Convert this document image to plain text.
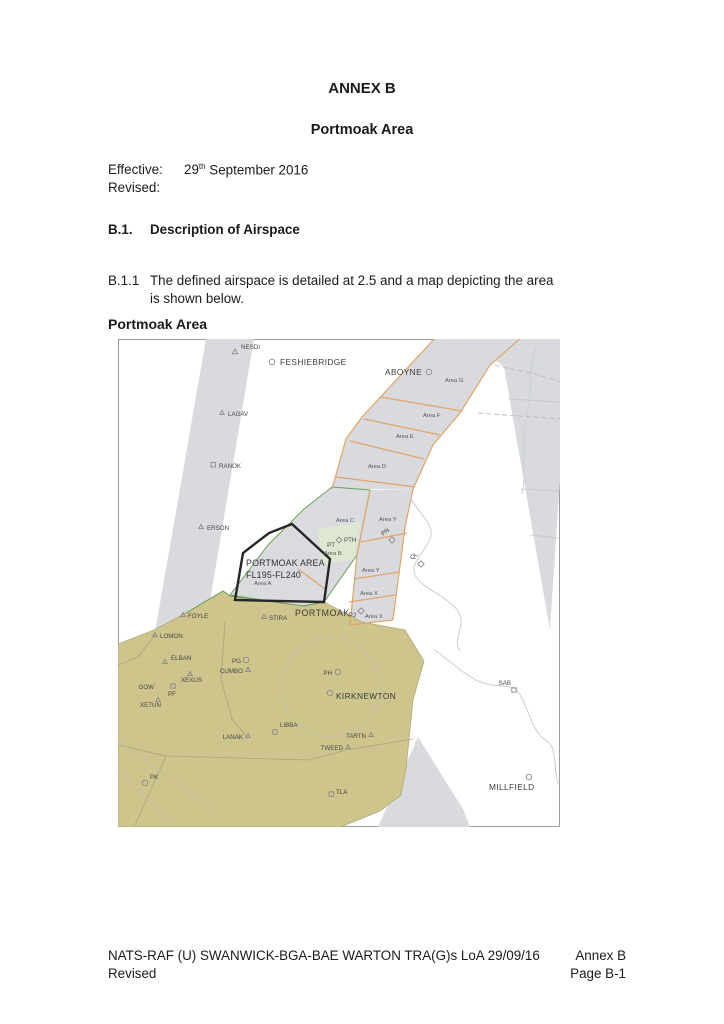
ANNEX B
Portmoak Area
Effective: 29th September 2016
Revised:
B.1.	Description of Airspace
B.1.1 The defined airspace is detailed at 2.5 and a map depicting the area
is shown below.
Portmoak Area
PORTMOAK AREA
FL195-FL240
FESHIEBRIDGE
ABOYNE
PORTMOAK
KIRKNEWTON
MILLFIELD
NESDI
LAGAV
RANOK
ERSON
FOYLE
LOMON
STIRA
ELBAN
XEXUS
XETUN
GOW
PF
PG
CUMBO	PH
LIBBA
LANAK	TARTN
TWEED
PK
TLA
SAB
PN
QL
PJ
PT
PTH
Area A
Area B
Area C
Area D
Area E
Area F
Area G
Area X
Area X
Area Y
Area Y
NATS-RAF (U) SWANWICK-BGA-BAE WARTON TRA(G)s LoA 29/09/16	Annex B
Revised	Page B-1
